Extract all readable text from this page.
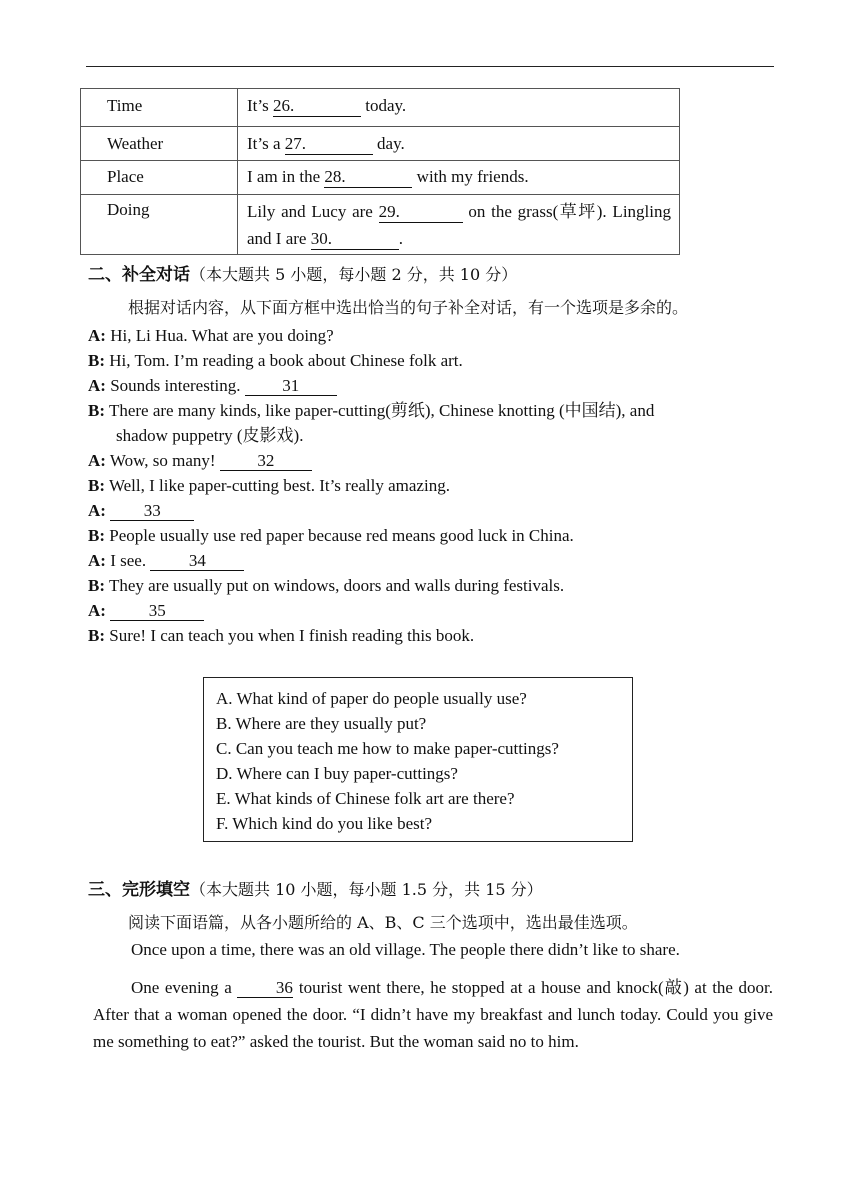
Time	It’s 26. today.
Weather	It’s a 27. day.
Place	I am in the 28. with my friends.
Doing	Lily and Lucy are 29. on the grass(草坪). Lingling and I are 30. .
二、补全对话（本大题共 5 小题，每小题 2 分，共 10 分）
根据对话内容，从下面方框中选出恰当的句子补全对话，有一个选项是多余的。
A: Hi, Li Hua. What are you doing?
B: Hi, Tom. I’m reading a book about Chinese folk art.
A: Sounds interesting. 31
B: There are many kinds, like paper-cutting(剪纸), Chinese knotting (中国结), and
shadow puppetry (皮影戏).
A: Wow, so many! 32
B: Well, I like paper-cutting best. It’s really amazing.
A: 33
B: People usually use red paper because red means good luck in China.
A: I see. 34
B: They are usually put on windows, doors and walls during festivals.
A:	35
B: Sure! I can teach you when I finish reading this book.
A. What kind of paper do people usually use?
B. Where are they usually put?
C. Can you teach me how to make paper-cuttings?
D. Where can I buy paper-cuttings?
E. What kinds of Chinese folk art are there?
F. Which kind do you like best?
三、完形填空（本大题共 10 小题，每小题 1.5 分，共 15 分）
阅读下面语篇，从各小题所给的 A、B、C 三个选项中，选出最佳选项。
Once upon a time, there was an old village. The people there didn’t like to share.
One evening a 36 tourist went there, he stopped at a house and knock(敲) at the door. After that a woman opened the door. “I didn’t have my breakfast and lunch today. Could you give me something to eat?” asked the tourist. But the woman said no to him.
